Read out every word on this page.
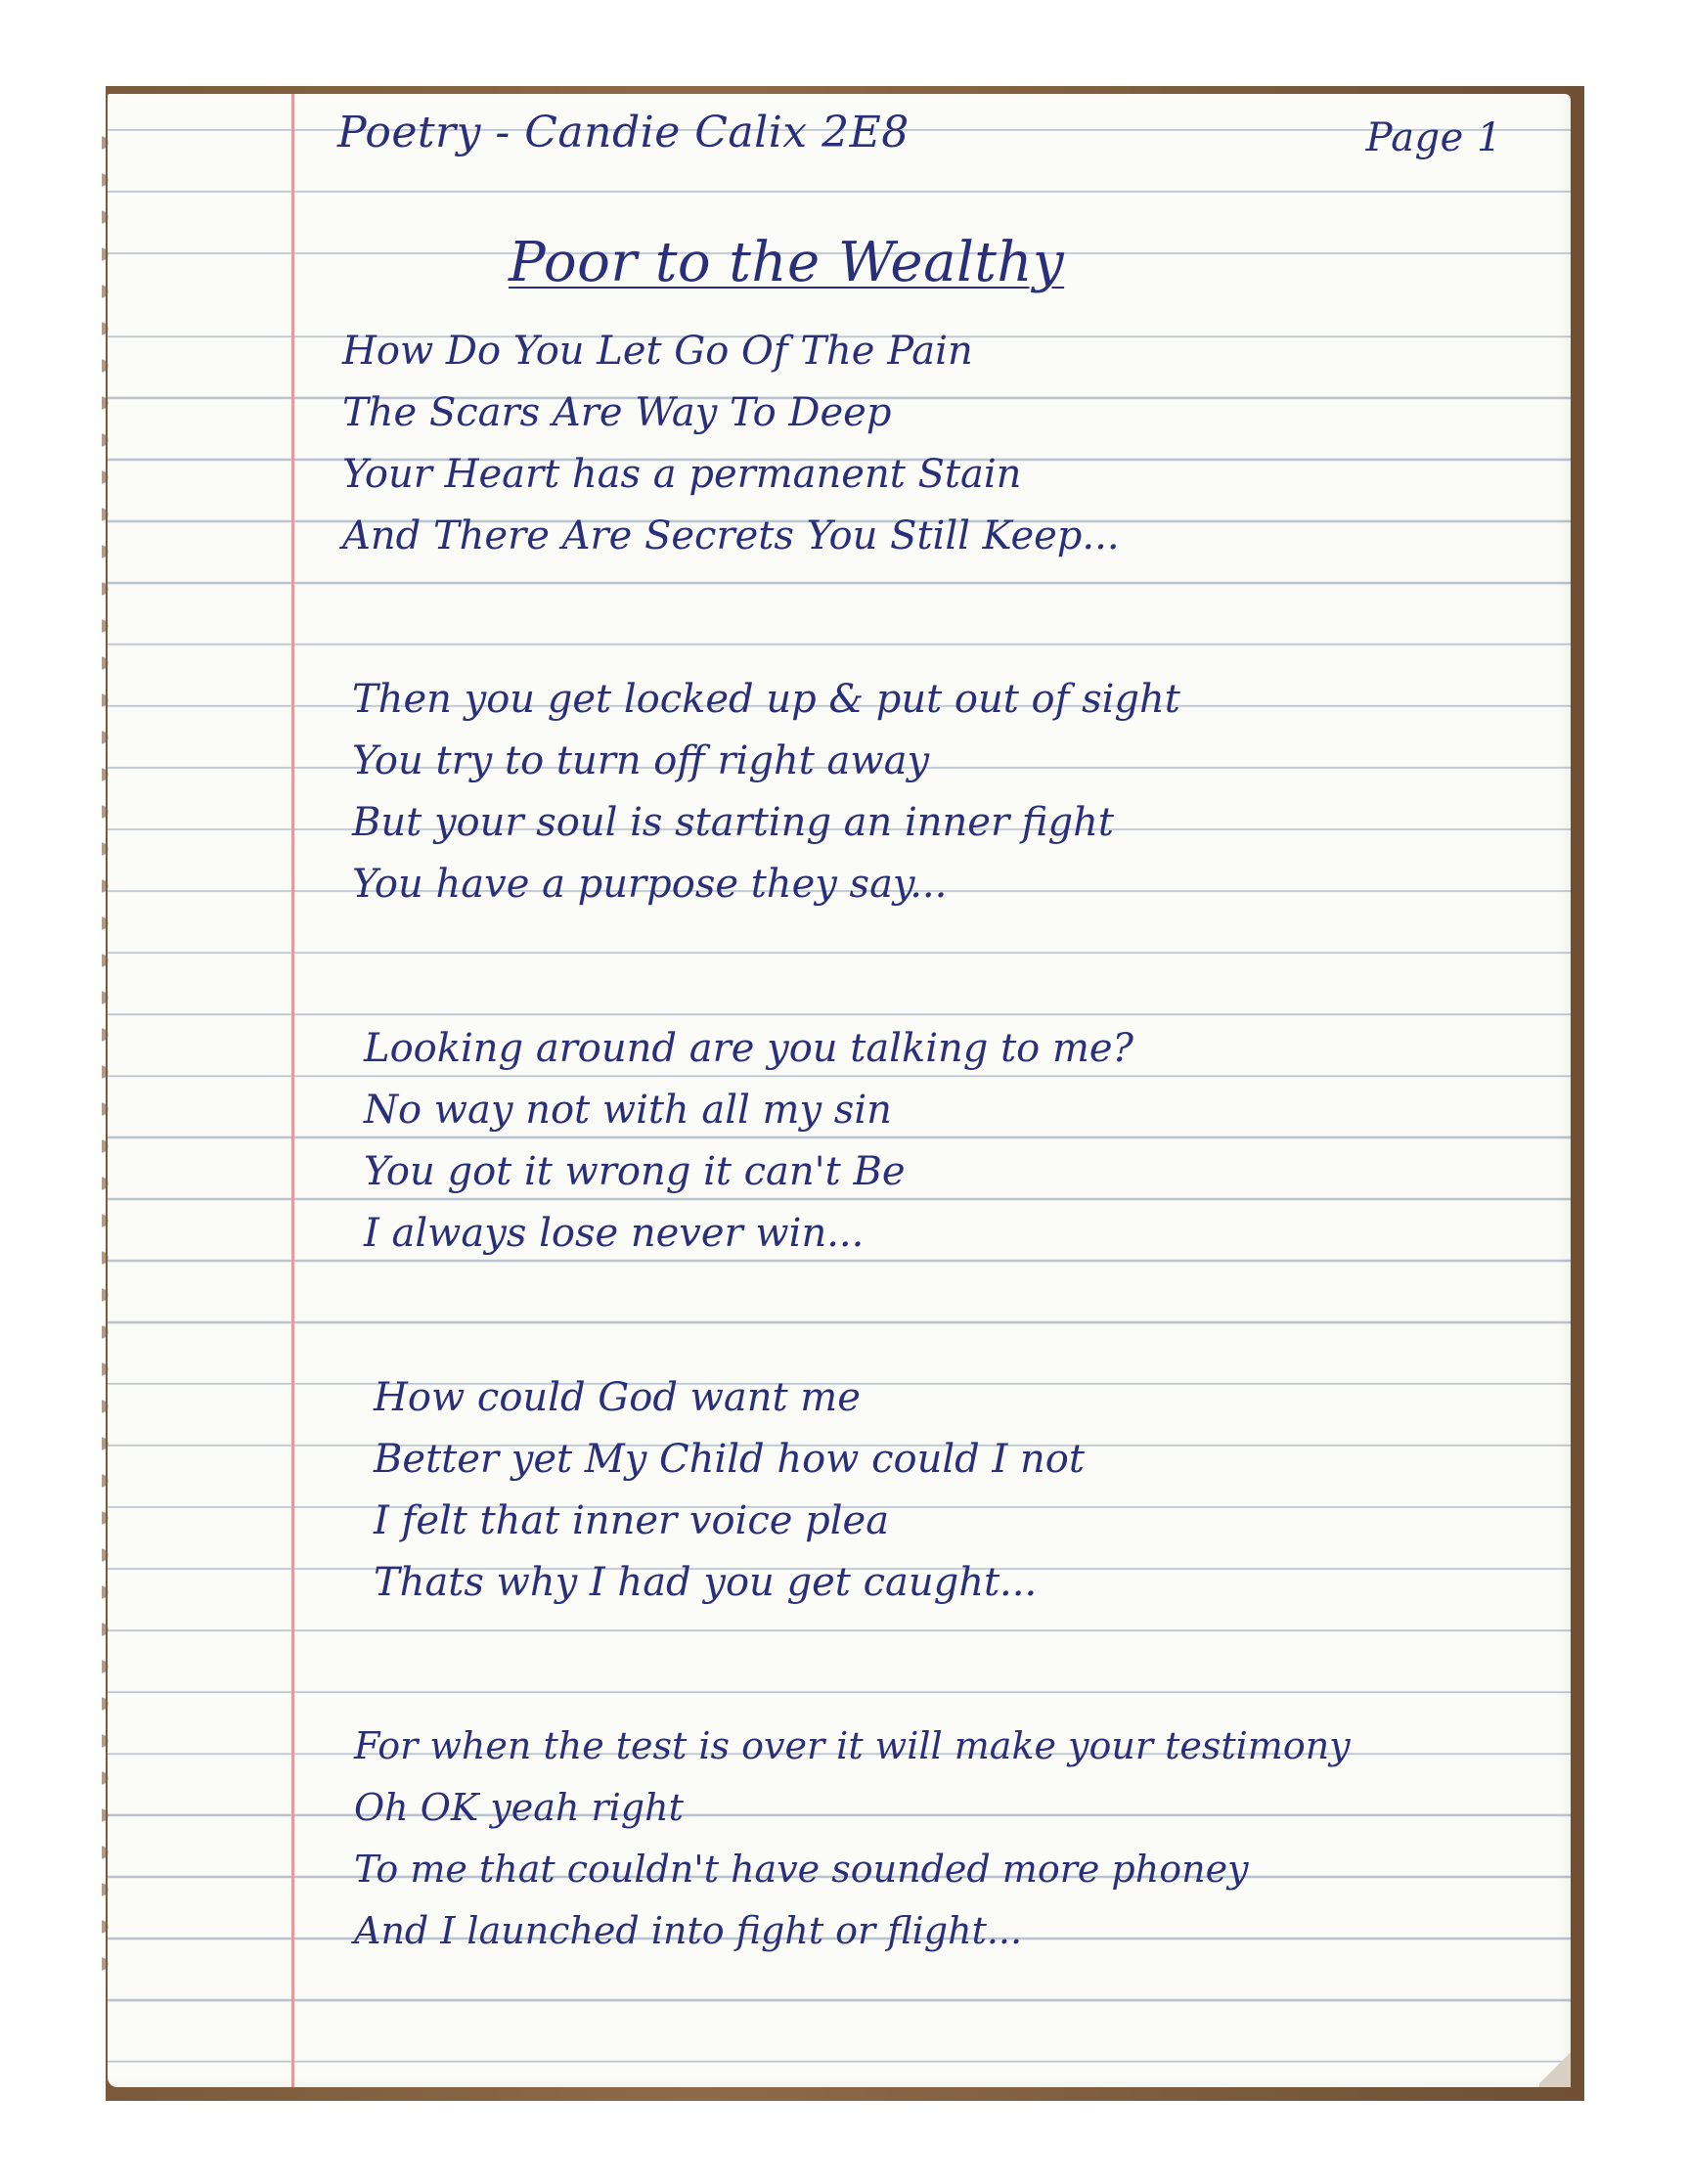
Poetry - Candie Calix 2E8	Page 1
Poor to the Wealthy
How Do You Let Go Of The Pain
The Scars Are Way To Deep
Your Heart has a permanent Stain
And There Are Secrets You Still Keep...
Then you get locked up & put out of sight
You try to turn off right away
But your soul is starting an inner fight
You have a purpose they say...
Looking around are you talking to me?
No way not with all my sin
You got it wrong it can't Be
I always lose never win...
How could God want me
Better yet My Child how could I not
I felt that inner voice plea
Thats why I had you get caught...
For when the test is over it will make your testimony
Oh OK yeah right
To me that couldn't have sounded more phoney
And I launched into fight or flight...
